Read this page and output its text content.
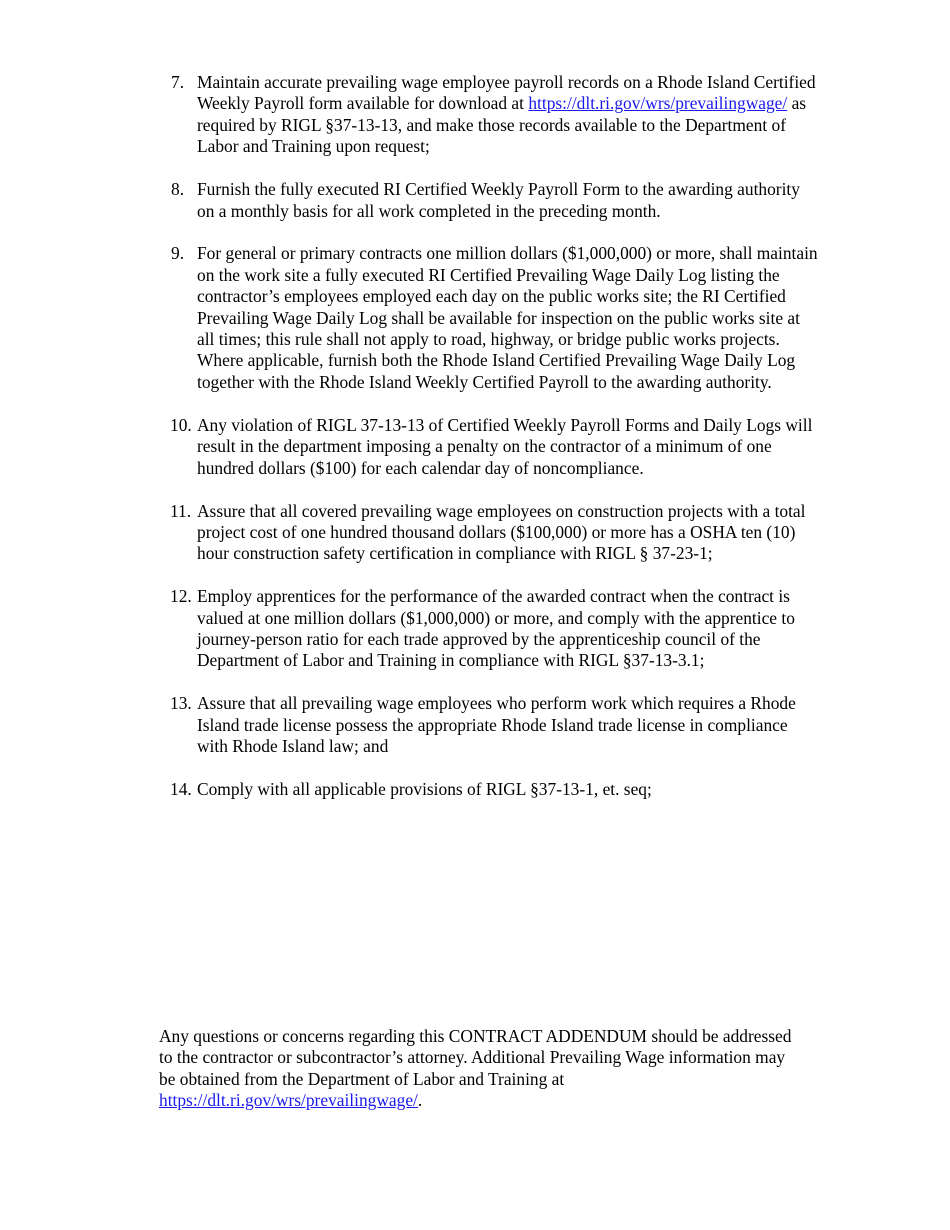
7. Maintain accurate prevailing wage employee payroll records on a Rhode Island Certified Weekly Payroll form available for download at https://dlt.ri.gov/wrs/prevailingwage/ as required by RIGL §37-13-13, and make those records available to the Department of Labor and Training upon request;
8. Furnish the fully executed RI Certified Weekly Payroll Form to the awarding authority on a monthly basis for all work completed in the preceding month.
9. For general or primary contracts one million dollars ($1,000,000) or more, shall maintain on the work site a fully executed RI Certified Prevailing Wage Daily Log listing the contractor’s employees employed each day on the public works site; the RI Certified Prevailing Wage Daily Log shall be available for inspection on the public works site at all times; this rule shall not apply to road, highway, or bridge public works projects. Where applicable, furnish both the Rhode Island Certified Prevailing Wage Daily Log together with the Rhode Island Weekly Certified Payroll to the awarding authority.
10. Any violation of RIGL 37-13-13 of Certified Weekly Payroll Forms and Daily Logs will result in the department imposing a penalty on the contractor of a minimum of one hundred dollars ($100) for each calendar day of noncompliance.
11. Assure that all covered prevailing wage employees on construction projects with a total project cost of one hundred thousand dollars ($100,000) or more has a OSHA ten (10) hour construction safety certification in compliance with RIGL § 37-23-1;
12. Employ apprentices for the performance of the awarded contract when the contract is valued at one million dollars ($1,000,000) or more, and comply with the apprentice to journey-person ratio for each trade approved by the apprenticeship council of the Department of Labor and Training in compliance with RIGL §37-13-3.1;
13. Assure that all prevailing wage employees who perform work which requires a Rhode Island trade license possess the appropriate Rhode Island trade license in compliance with Rhode Island law; and
14. Comply with all applicable provisions of RIGL §37-13-1, et. seq;

Any questions or concerns regarding this CONTRACT ADDENDUM should be addressed to the contractor or subcontractor’s attorney. Additional Prevailing Wage information may be obtained from the Department of Labor and Training at https://dlt.ri.gov/wrs/prevailingwage/.
